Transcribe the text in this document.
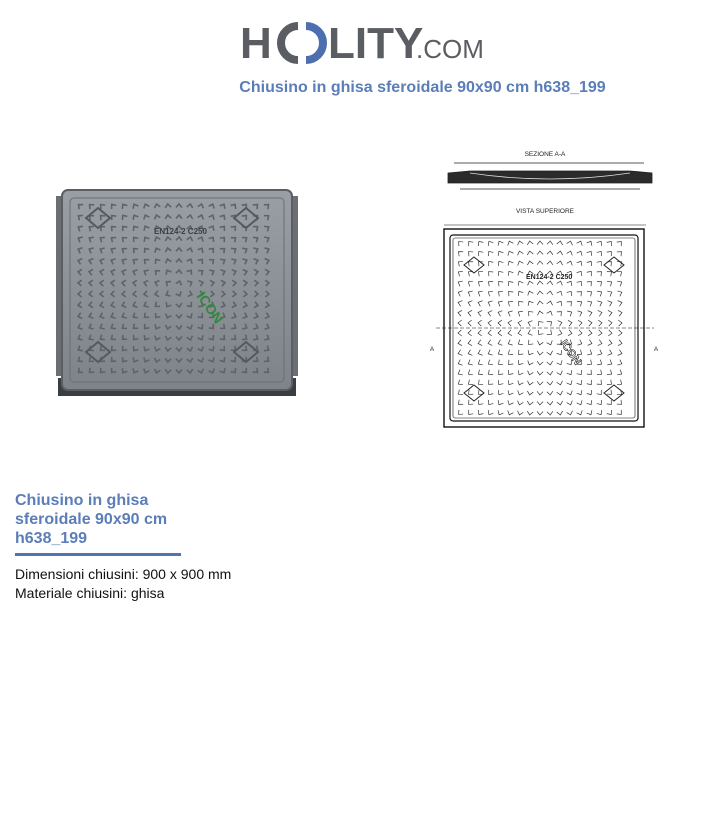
H LITY
.COM
Chiusino in ghisa sferoidale 90x90 cm h638_199
EN124-2 C250
ICON
SEZIONE A-A
VISTA SUPERIORE
EN124-2 C250
ICON
A	A
Chiusino in ghisa sferoidale 90x90 cm h638_199
Dimensioni chiusini: 900 x 900 mm
Materiale chiusini: ghisa
